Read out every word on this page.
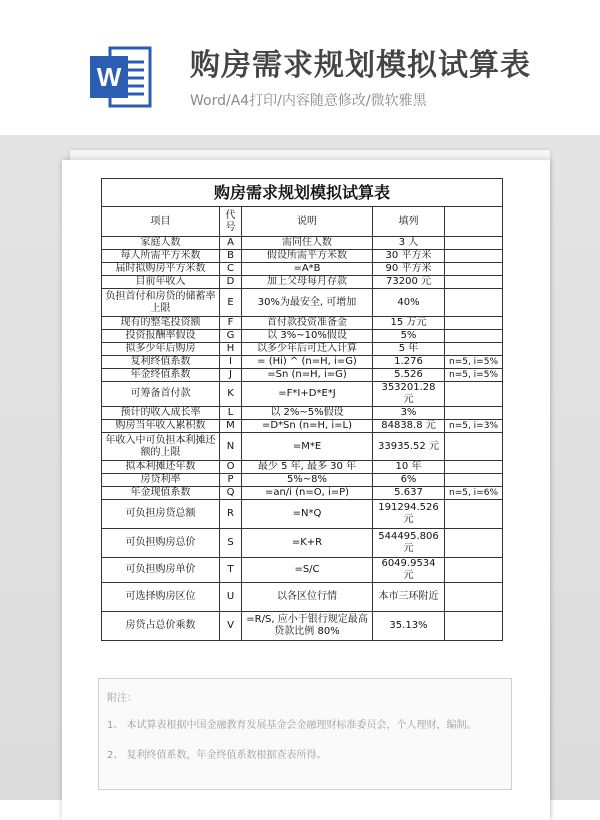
W 购房需求规划模拟试算表
Word/A4打印/内容随意修改/微软雅黑
购房需求规划模拟试算表				
项目	代号	说明	填列	
家庭人数	A	需同住人数	3 人	
每人所需平方米数	B	假设所需平方米数	30 平方米	
届时拟购房平方米数	C	=A*B	90 平方米	
目前年收入	D	加上父母每月存款	73200 元	
负担首付和房贷的储蓄率上限	E	30%为最安全, 可增加	40%	
现有的整笔投资额	F	首付款投资准备金	15 万元	
投资报酬率假设	G	以 3%~10%假设	5%	
拟多少年后购房	H	以多少年后可迁入计算	5 年	
复利终值系数	I	= (Hi) ^ (n=H, i=G)	1.276	n=5, i=5%
年金终值系数	J	=Sn (n=H, i=G)	5.526	n=5, i=5%
可筹备首付款	K	=F*I+D*E*J	353201.28 元	
预计的收入成长率	L	以 2%~5%假设	3%	
购房当年收入累积数	M	=D*Sn (n=H, i=L)	84838.8 元	n=5, i=3%
年收入中可负担本利摊还额的上限	N	=M*E	33935.52 元	
拟本利摊还年数	O	最少 5 年, 最多 30 年	10 年	
房贷利率	P	5%~8%	6%	
年金现值系数	Q	=an/i (n=O, i=P)	5.637	n=5, i=6%
可负担房贷总额	R	=N*Q	191294.526 元	
可负担购房总价	S	=K+R	544495.806 元	
可负担购房单价	T	=S/C	6049.9534 元	
可选择购房区位	U	以各区位行情	本市三环附近	
房贷占总价乘数	V	=R/S, 应小于银行规定最高贷款比例 80%	35.13%	
附注：
1、 本试算表根据中国金融教育发展基金会金融理财标准委员会，个人理财，编制。
2、 复利终值系数，年金终值系数根据查表所得。
